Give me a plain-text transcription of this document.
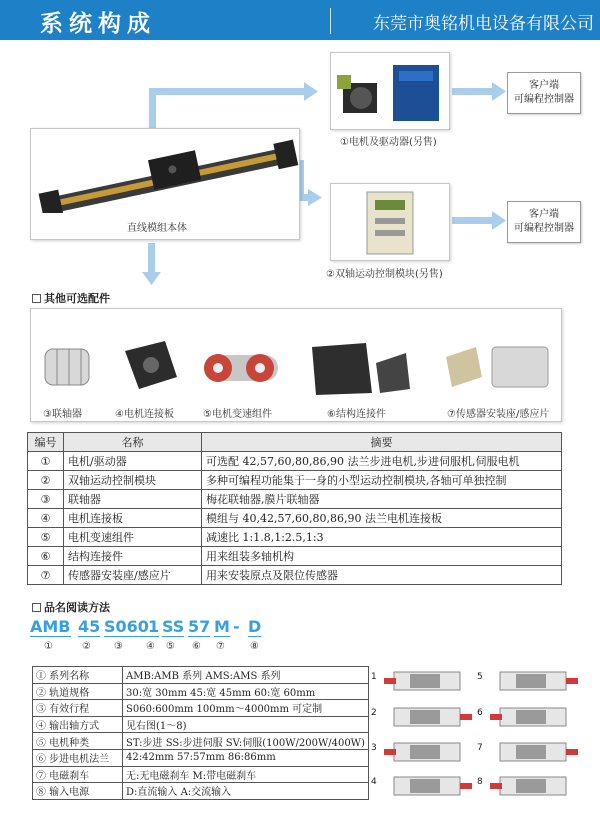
系统构成	东莞市奥铭机电设备有限公司
直线模组本体
①电机及驱动器(另售)
②双轴运动控制模块(另售)
客户端
可编程控制器
客户端
可编程控制器
其他可选配件
③联轴器	④电机连接板	⑤电机变速组件	⑥结构连接件	⑦传感器安装座/感应片
编号	名称	摘要
①	电机/驱动器	可选配 42,57,60,80,86,90 法兰步进电机,步进伺服机,伺服电机
②	双轴运动控制模块	多种可编程功能集于一身的小型运动控制模块,各轴可单独控制
③	联轴器	梅花联轴器,膜片联轴器
④	电机连接板	模组与 40,42,57,60,80,86,90 法兰电机连接板
⑤	电机变速组件	减速比 1:1.8,1:2.5,1:3
⑥	结构连接件	用来组装多轴机构
⑦	传感器安装座/感应片	用来安装原点及限位传感器
品名阅读方法
AMB 45 S060 1 SS 57 M - D
①	② ③ ④ ⑤ ⑥ ⑦	⑧
① 系列名称	AMB:AMB 系列 AMS:AMS 系列
② 轨道规格	30:宽 30mm 45:宽 45mm 60:宽 60mm
③ 有效行程	S060:600mm 100mm～4000mm 可定制
④ 输出轴方式	见右图(1～8)
⑤ 电机种类	ST:步进 SS:步进伺服 SV:伺服(100W/200W/400W)
⑥ 步进电机法兰	42:42mm 57:57mm 86:86mm
⑦ 电磁刹车	无:无电磁刹车 M:带电磁刹车
⑧ 输入电源	D:直流输入 A:交流输入
1
2
3
4
5
6
7
8
